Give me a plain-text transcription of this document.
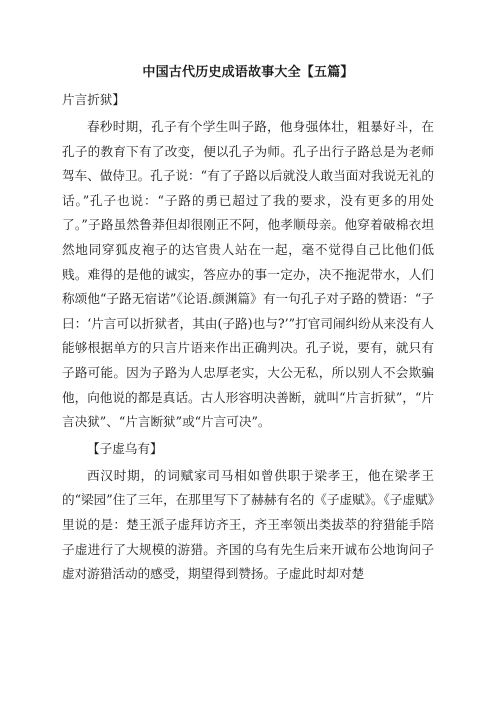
中国古代历史成语故事大全【五篇】
片言折狱】

春秒时期，孔子有个学生叫子路，他身强体壮，粗暴好斗，在孔子的教育下有了改变，便以孔子为师。孔子出行子路总是为老师驾车、做侍卫。孔子说：“有了子路以后就没人敢当面对我说无礼的话。”孔子也说：“子路的勇已超过了我的要求，没有更多的用处了。”子路虽然鲁莽但却很刚正不阿，他孝顺母亲。他穿着破棉衣坦然地同穿狐皮袍子的达官贵人站在一起，毫不觉得自己比他们低贱。难得的是他的诚实，答应办的事一定办，决不拖泥带水，人们称颂他“子路无宿诺”《论语.颜渊篇》有一句孔子对子路的赞语：“子曰：‘片言可以折狱者，其由(子路)也与?’”打官司闹纠纷从来没有人能够根据单方的只言片语来作出正确判决。孔子说，要有，就只有子路可能。因为子路为人忠厚老实，大公无私，所以别人不会欺骗他，向他说的都是真话。古人形容明决善断，就叫“片言折狱”，“片言决狱”、“片言断狱”或“片言可决”。

【子虚乌有】

西汉时期，的词赋家司马相如曾供职于梁孝王，他在梁孝王的“梁园”住了三年，在那里写下了赫赫有名的《子虚赋》。《子虚赋》里说的是：楚王派子虚拜访齐王，齐王率领出类拔萃的狩猎能手陪子虚进行了大规模的游猎。齐国的乌有先生后来开诚布公地询问子虚对游猎活动的感受，期望得到赞扬。子虚此时却对楚
